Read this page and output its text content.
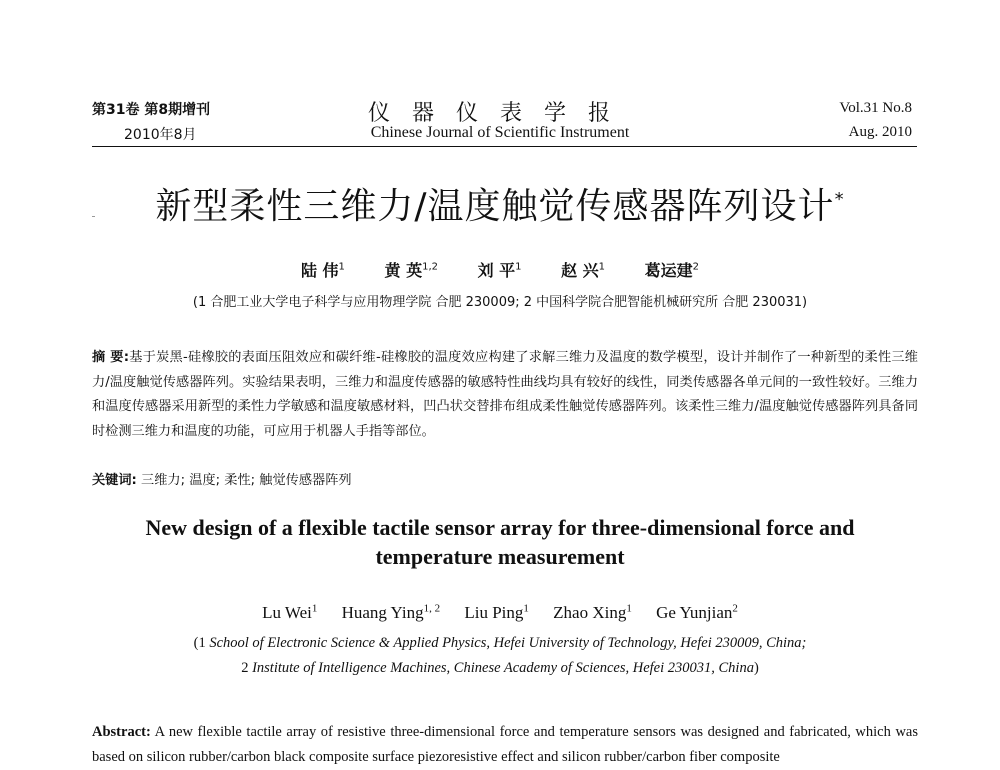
第31卷 第8期增刊
2010年8月
仪器仪表学报
Chinese Journal of Scientific Instrument
Vol.31 No.8
Aug. 2010
新型柔性三维力/温度触觉传感器阵列设计*
陆 伟$^1$ 黄 英$^{1,2}$ 刘 平$^1$ 赵 兴$^1$ 葛运建$^2$
(1 合肥工业大学电子科学与应用物理学院 合肥 230009; 2 中国科学院合肥智能机械研究所 合肥 230031)
摘 要:基于炭黑-硅橡胶的表面压阻效应和碳纤维-硅橡胶的温度效应构建了求解三维力及温度的数学模型，设计并制作了一种新型的柔性三维力/温度触觉传感器阵列。实验结果表明，三维力和温度传感器的敏感特性曲线均具有较好的线性，同类传感器各单元间的一致性较好。三维力和温度传感器采用新型的柔性力学敏感和温度敏感材料，凹凸状交替排布组成柔性触觉传感器阵列。该柔性三维力/温度触觉传感器阵列具备同时检测三维力和温度的功能，可应用于机器人手指等部位。
关键词: 三维力; 温度; 柔性; 触觉传感器阵列
New design of a flexible tactile sensor array for three-dimensional force and temperature measurement
Lu Wei$^1$ Huang Ying$^{1, 2}$ Liu Ping$^1$ Zhao Xing$^1$ Ge Yunjian$^2$
(1 School of Electronic Science & Applied Physics, Hefei University of Technology, Hefei 230009, China;
2 Institute of Intelligence Machines, Chinese Academy of Sciences, Hefei 230031, China)
Abstract: A new flexible tactile array of resistive three-dimensional force and temperature sensors was designed and fabricated, which was based on silicon rubber/carbon black composite surface piezoresistive effect and silicon rubber/carbon fiber composite
